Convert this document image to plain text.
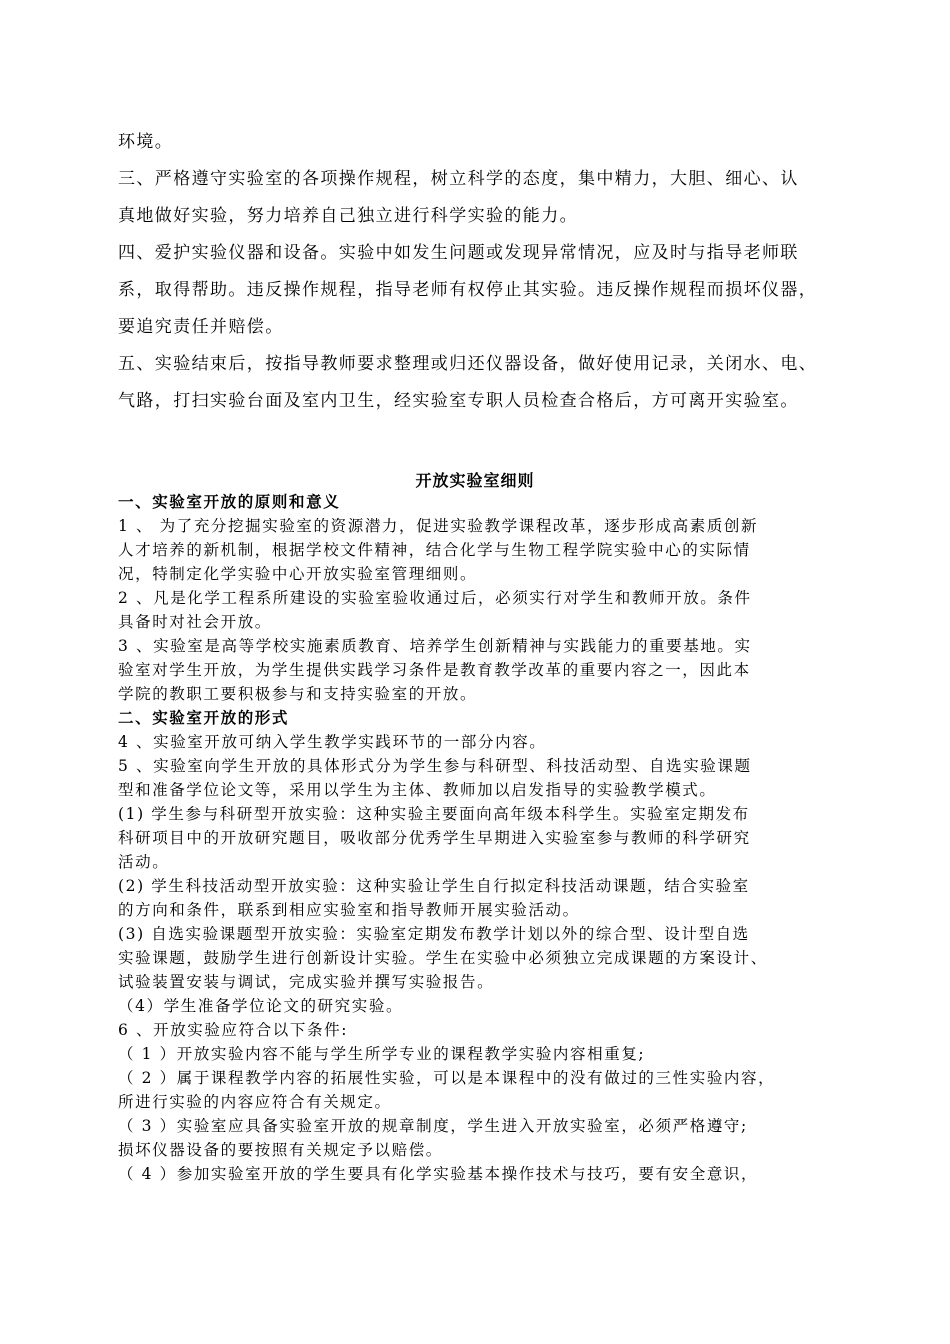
环境。
三、严格遵守实验室的各项操作规程，树立科学的态度，集中精力，大胆、细心、认
真地做好实验，努力培养自己独立进行科学实验的能力。
四、爱护实验仪器和设备。实验中如发生问题或发现异常情况，应及时与指导老师联
系，取得帮助。违反操作规程，指导老师有权停止其实验。违反操作规程而损坏仪器，
要追究责任并赔偿。
五、实验结束后，按指导教师要求整理或归还仪器设备，做好使用记录，关闭水、电、
气路，打扫实验台面及室内卫生，经实验室专职人员检查合格后，方可离开实验室。
开放实验室细则
一、实验室开放的原则和意义
1 、 为了充分挖掘实验室的资源潜力，促进实验教学课程改革，逐步形成高素质创新
人才培养的新机制，根据学校文件精神，结合化学与生物工程学院实验中心的实际情
况，特制定化学实验中心开放实验室管理细则。
2 、凡是化学工程系所建设的实验室验收通过后，必须实行对学生和教师开放。条件
具备时对社会开放。
3 、实验室是高等学校实施素质教育、培养学生创新精神与实践能力的重要基地。实
验室对学生开放，为学生提供实践学习条件是教育教学改革的重要内容之一，因此本
学院的教职工要积极参与和支持实验室的开放。
二、实验室开放的形式
4 、实验室开放可纳入学生教学实践环节的一部分内容。
5 、实验室向学生开放的具体形式分为学生参与科研型、科技活动型、自选实验课题
型和准备学位论文等，采用以学生为主体、教师加以启发指导的实验教学模式。
(1) 学生参与科研型开放实验：这种实验主要面向高年级本科学生。实验室定期发布
科研项目中的开放研究题目，吸收部分优秀学生早期进入实验室参与教师的科学研究
活动。
(2) 学生科技活动型开放实验：这种实验让学生自行拟定科技活动课题，结合实验室
的方向和条件，联系到相应实验室和指导教师开展实验活动。
(3) 自选实验课题型开放实验：实验室定期发布教学计划以外的综合型、设计型自选
实验课题，鼓励学生进行创新设计实验。学生在实验中必须独立完成课题的方案设计、
试验装置安装与调试，完成实验并撰写实验报告。
（4）学生准备学位论文的研究实验。
6 、开放实验应符合以下条件:
（ 1 ）开放实验内容不能与学生所学专业的课程教学实验内容相重复;
（ 2 ）属于课程教学内容的拓展性实验，可以是本课程中的没有做过的三性实验内容，
所进行实验的内容应符合有关规定。
（ 3 ）实验室应具备实验室开放的规章制度，学生进入开放实验室，必须严格遵守;
损坏仪器设备的要按照有关规定予以赔偿。
（ 4 ）参加实验室开放的学生要具有化学实验基本操作技术与技巧，要有安全意识，
